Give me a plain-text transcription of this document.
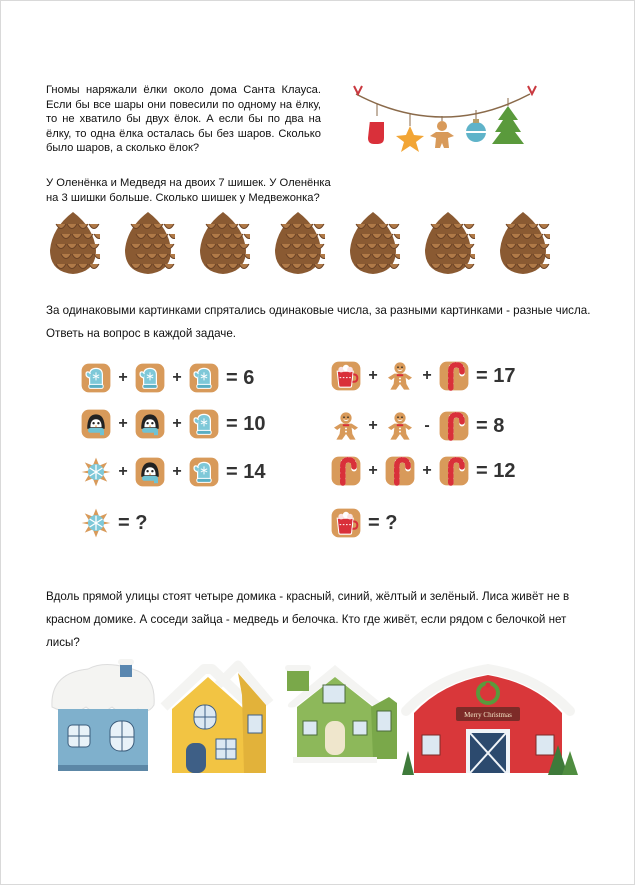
Гномы наряжали ёлки около дома Санта Клауса. Если бы все шары они повесили по одному на ёлку, то не хватило бы двух ёлок. А если бы по два на ёлку, то одна ёлка осталась бы без шаров. Сколько было шаров, а сколько ёлок?
У Оленёнка и Медведя на двоих 7 шишек. У Оленёнка на 3 шишки больше. Сколько шишек у Медвежонка?
За одинаковыми картинками спрятались одинаковые числа, за разными картинками - разные числа. Ответь на вопрос в каждой задаче.
+	+	= 6
+	+	= 10
+	+	= 14
= ?
+	+	= 17
+	-	= 8
+	+	= 12
= ?
Вдоль прямой улицы стоят четыре домика - красный, синий, жёлтый и зелёный. Лиса живёт не в красном домике. А соседи зайца - медведь и белочка. Кто где живёт, если рядом с белочкой нет лисы?
Merry Christmas
